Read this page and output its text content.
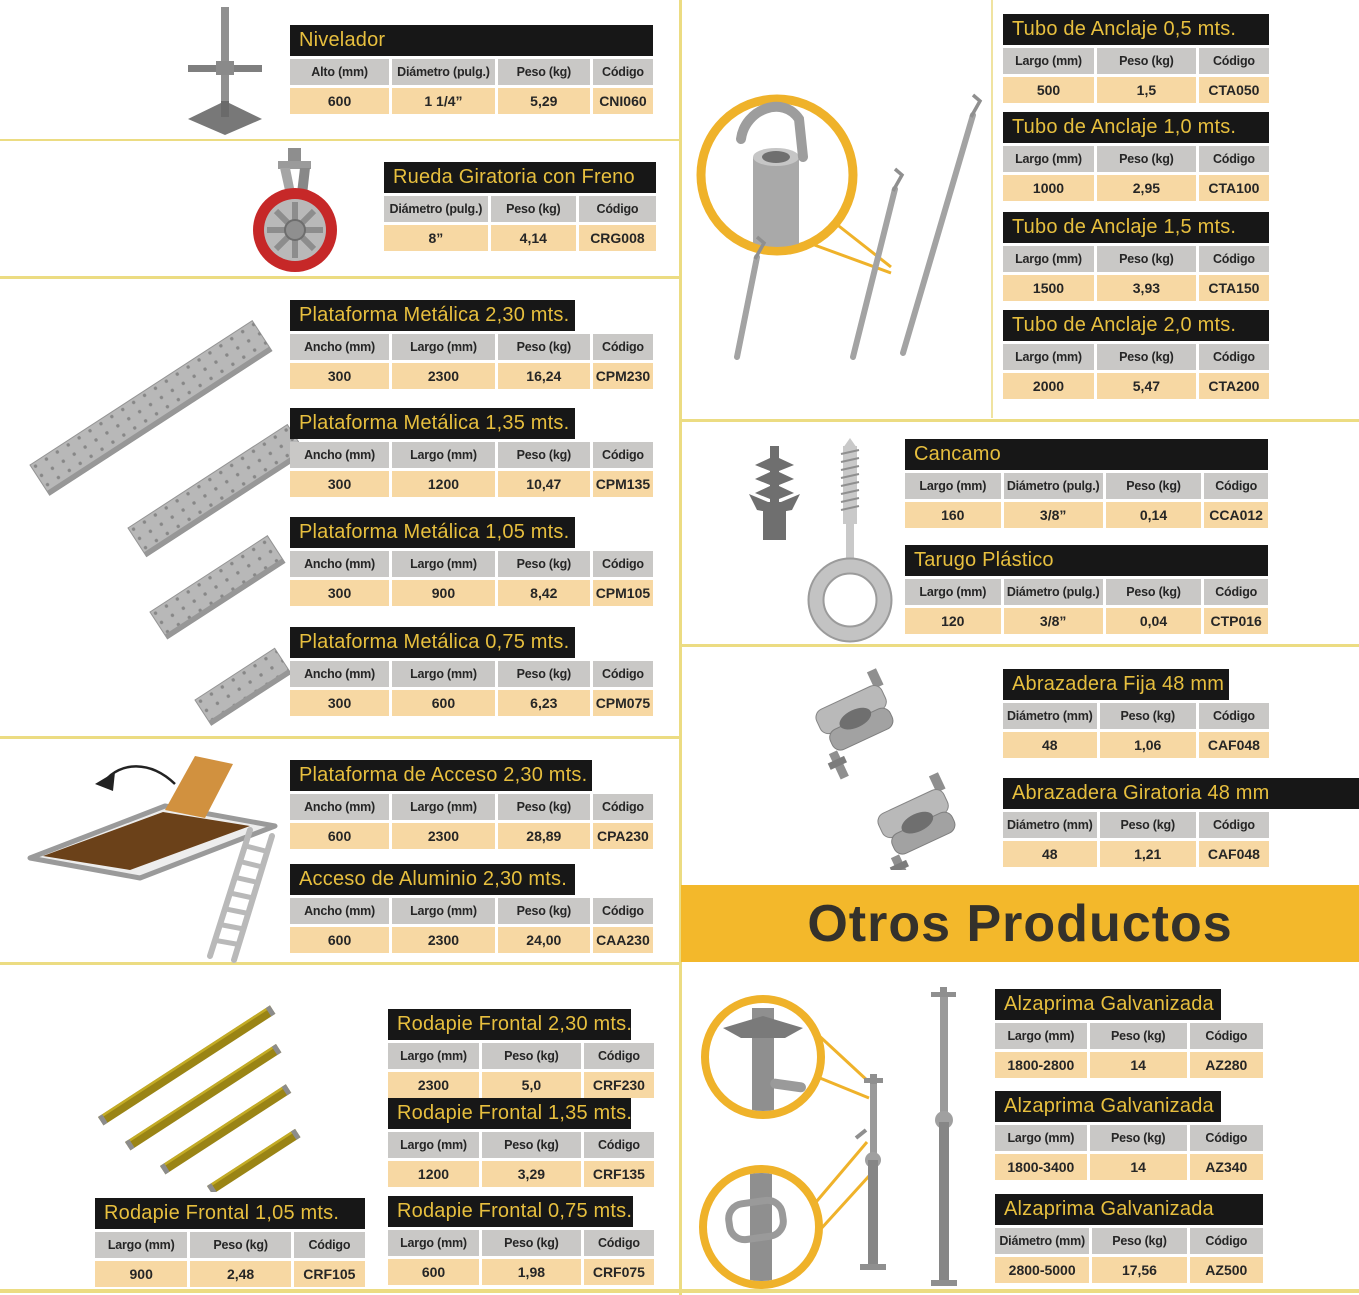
Nivelador
Alto (mm)	Diámetro (pulg.)	Peso (kg)	Código
600	1 1/4”	5,29	CNI060
Rueda Giratoria con Freno
Diámetro (pulg.)	Peso (kg)	Código
8”	4,14	CRG008
Plataforma Metálica 2,30 mts.
Ancho (mm)	Largo (mm)	Peso (kg)	Código
300	2300	16,24	CPM230
Plataforma Metálica 1,35 mts.
Ancho (mm)	Largo (mm)	Peso (kg)	Código
300	1200	10,47	CPM135
Plataforma Metálica 1,05 mts.
Ancho (mm)	Largo (mm)	Peso (kg)	Código
300	900	8,42	CPM105
Plataforma Metálica 0,75 mts.
Ancho (mm)	Largo (mm)	Peso (kg)	Código
300	600	6,23	CPM075
Plataforma de Acceso 2,30 mts.
Ancho (mm)	Largo (mm)	Peso (kg)	Código
600	2300	28,89	CPA230
Acceso de Aluminio 2,30 mts.
Ancho (mm)	Largo (mm)	Peso (kg)	Código
600	2300	24,00	CAA230
Rodapie Frontal 2,30 mts.
Largo (mm)	Peso (kg)	Código
2300	5,0	CRF230
Rodapie Frontal 1,35 mts.
Largo (mm)	Peso (kg)	Código
1200	3,29	CRF135
Rodapie Frontal 0,75 mts.
Largo (mm)	Peso (kg)	Código
600	1,98	CRF075
Rodapie Frontal 1,05 mts.
Largo (mm)	Peso (kg)	Código
900	2,48	CRF105
Tubo de Anclaje 0,5 mts.
Largo (mm)	Peso (kg)	Código
500	1,5	CTA050
Tubo de Anclaje 1,0 mts.
Largo (mm)	Peso (kg)	Código
1000	2,95	CTA100
Tubo de Anclaje 1,5 mts.
Largo (mm)	Peso (kg)	Código
1500	3,93	CTA150
Tubo de Anclaje 2,0 mts.
Largo (mm)	Peso (kg)	Código
2000	5,47	CTA200
Cancamo
Largo (mm)	Diámetro (pulg.)	Peso (kg)	Código
160	3/8”	0,14	CCA012
Tarugo Plástico
Largo (mm)	Diámetro (pulg.)	Peso (kg)	Código
120	3/8”	0,04	CTP016
Abrazadera Fija 48 mm
Diámetro (mm)	Peso (kg)	Código
48	1,06	CAF048
Abrazadera Giratoria 48 mm
Diámetro (mm)	Peso (kg)	Código
48	1,21	CAF048
Alzaprima Galvanizada
Largo (mm)	Peso (kg)	Código
1800-2800	14	AZ280
Alzaprima Galvanizada
Largo (mm)	Peso (kg)	Código
1800-3400	14	AZ340
Alzaprima Galvanizada
Diámetro (mm)	Peso (kg)	Código
2800-5000	17,56	AZ500
Otros Productos
